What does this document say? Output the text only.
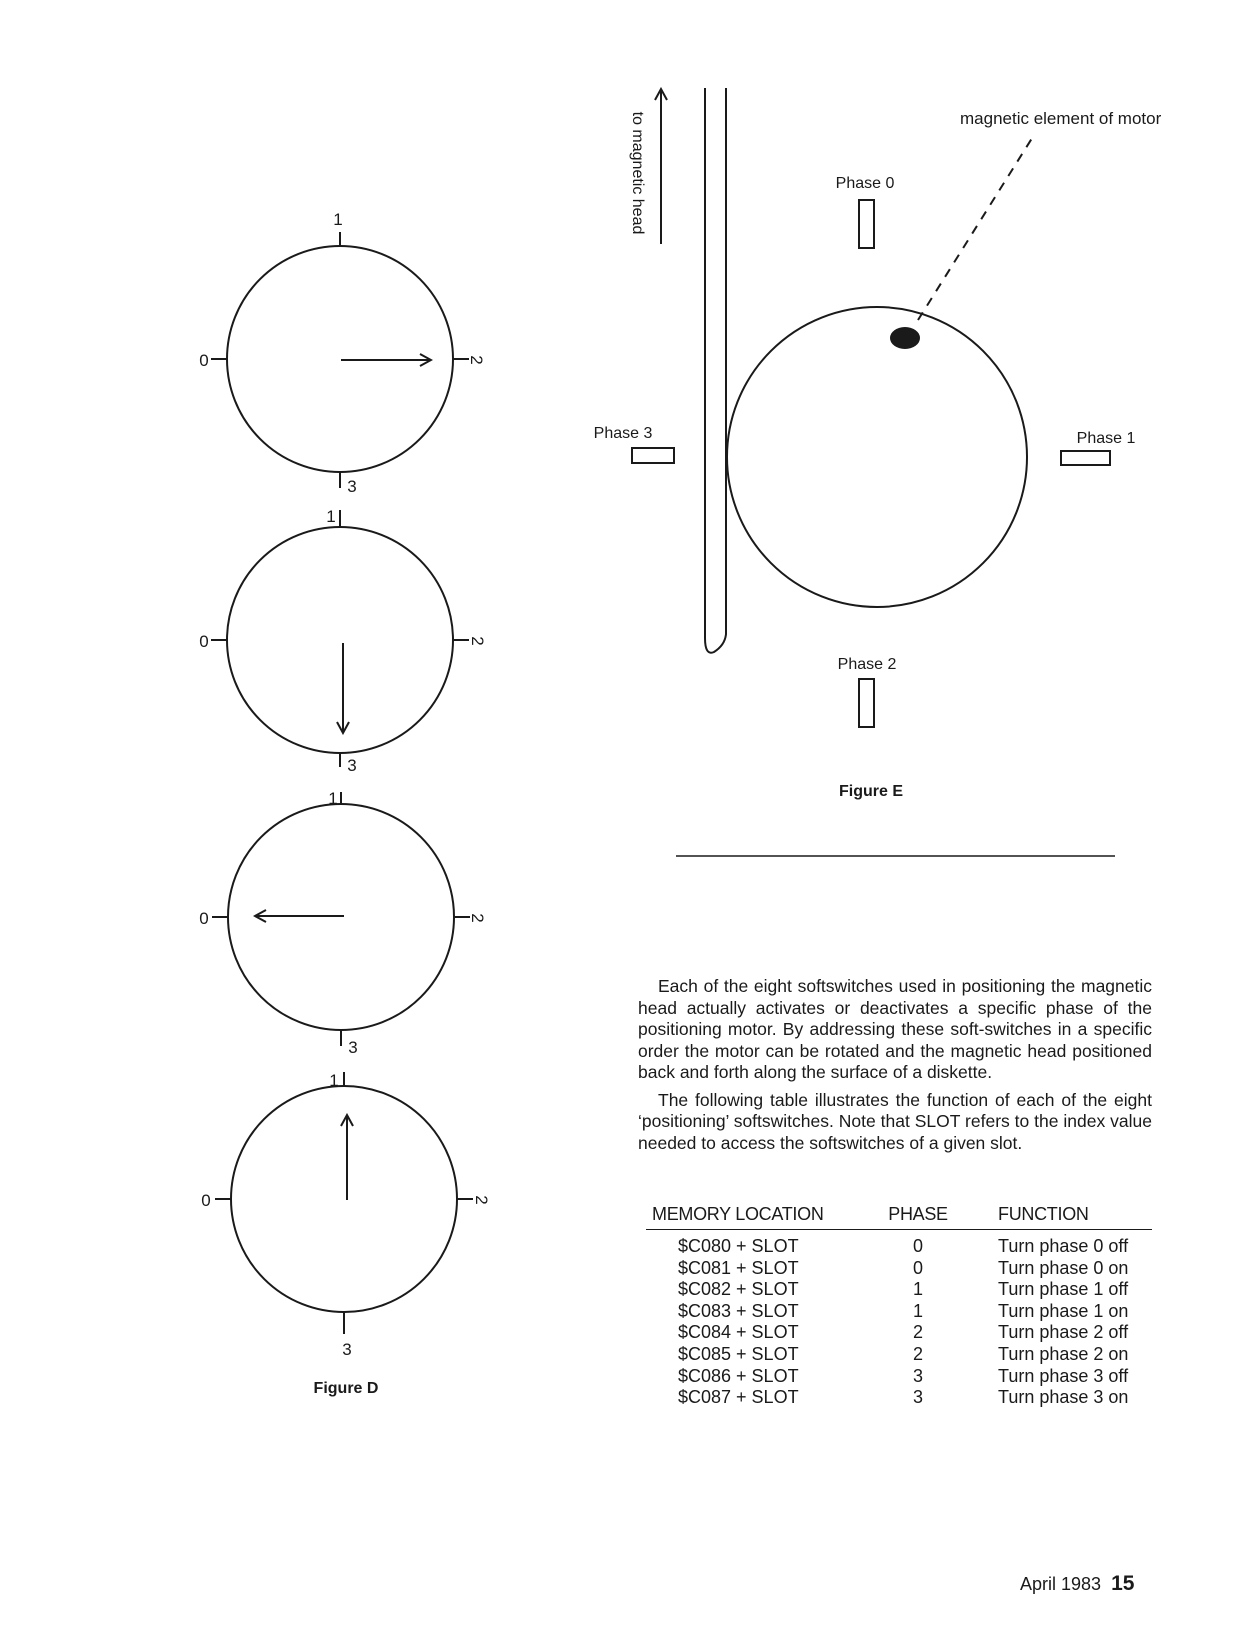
1
0	2
3
1
0	2
3
1
0	2
3
1
0	2
3
Figure D
to magnetic head	magnetic element of motor
Phase 0
Phase 1
Phase 2
Phase 3
Figure E

Each of the eight softswitches used in positioning the magnetic head actually activates or deactivates a specific phase of the positioning motor. By addressing these soft-switches in a specific order the motor can be rotated and the magnetic head positioned back and forth along the surface of a diskette.

The following table illustrates the function of each of the eight ‘positioning’ softswitches. Note that SLOT refers to the index value needed to access the softswitches of a given slot.

MEMORY LOCATION	PHASE	FUNCTION
$C080 + SLOT	0	Turn phase 0 off
$C081 + SLOT	0	Turn phase 0 on
$C082 + SLOT	1	Turn phase 1 off
$C083 + SLOT	1	Turn phase 1 on
$C084 + SLOT	2	Turn phase 2 off
$C085 + SLOT	2	Turn phase 2 on
$C086 + SLOT	3	Turn phase 3 off
$C087 + SLOT	3	Turn phase 3 on
April 1983 15
